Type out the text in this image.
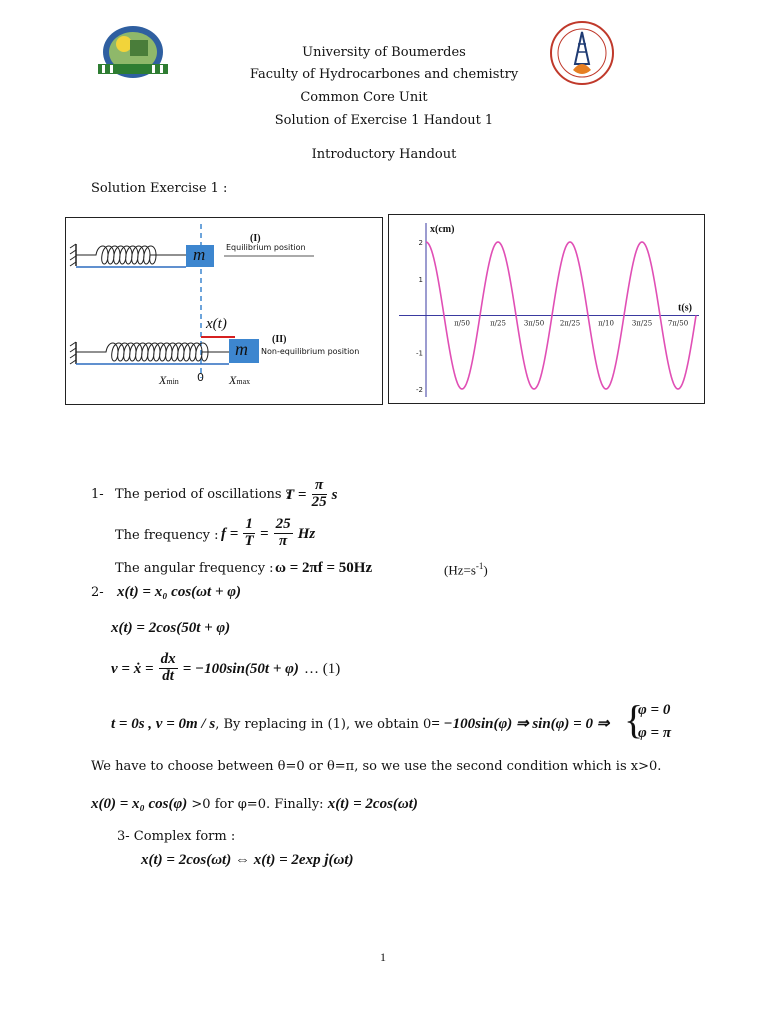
University of Boumerdes
Faculty of Hydrocarbones and chemistry
Common Core Unit
Solution of Exercise 1 Handout 1
Introductory Handout
Solution Exercise 1 :
(I)
Equilibrium position
m
x(t)
(II)
m Non-equilibrium position
Xmin 0 Xmax
π/50	π/25	3π/50 2π/25	π/10	3π/25 7π/50
2
1
-1
-2
t(s)
x(cm)
1- The period of oscillations :
$T = \frac{\pi}{25}$ s
The frequency : $f = \frac{1}{T} = \frac{25}{\pi}$ Hz
The angular frequency : ω = 2πf = 50Hz	$(Hz=s^{-1})$
2- x(t) = x₀ cos(ωt + φ)
x(t) = 2cos(50t + φ)
v = ẋ = $\frac{dx}{dt} = -100\sin(50t + \varphi)$ … (1)
t = 0s , v = 0m / s, By replacing in (1), we obtain 0= −100sin(φ) ⇒ sin(φ) = 0 ⇒ {
φ = 0
φ = π
We have to choose between θ=0 or θ=π, so we use the second condition which is x>0.
x(0) = x₀ cos(φ) >0 for φ=0. Finally: x(t) = 2cos(ωt)
3- Complex form :
x(t) = 2cos(ωt) ⇔ x(t) = 2exp j(ωt)
1
